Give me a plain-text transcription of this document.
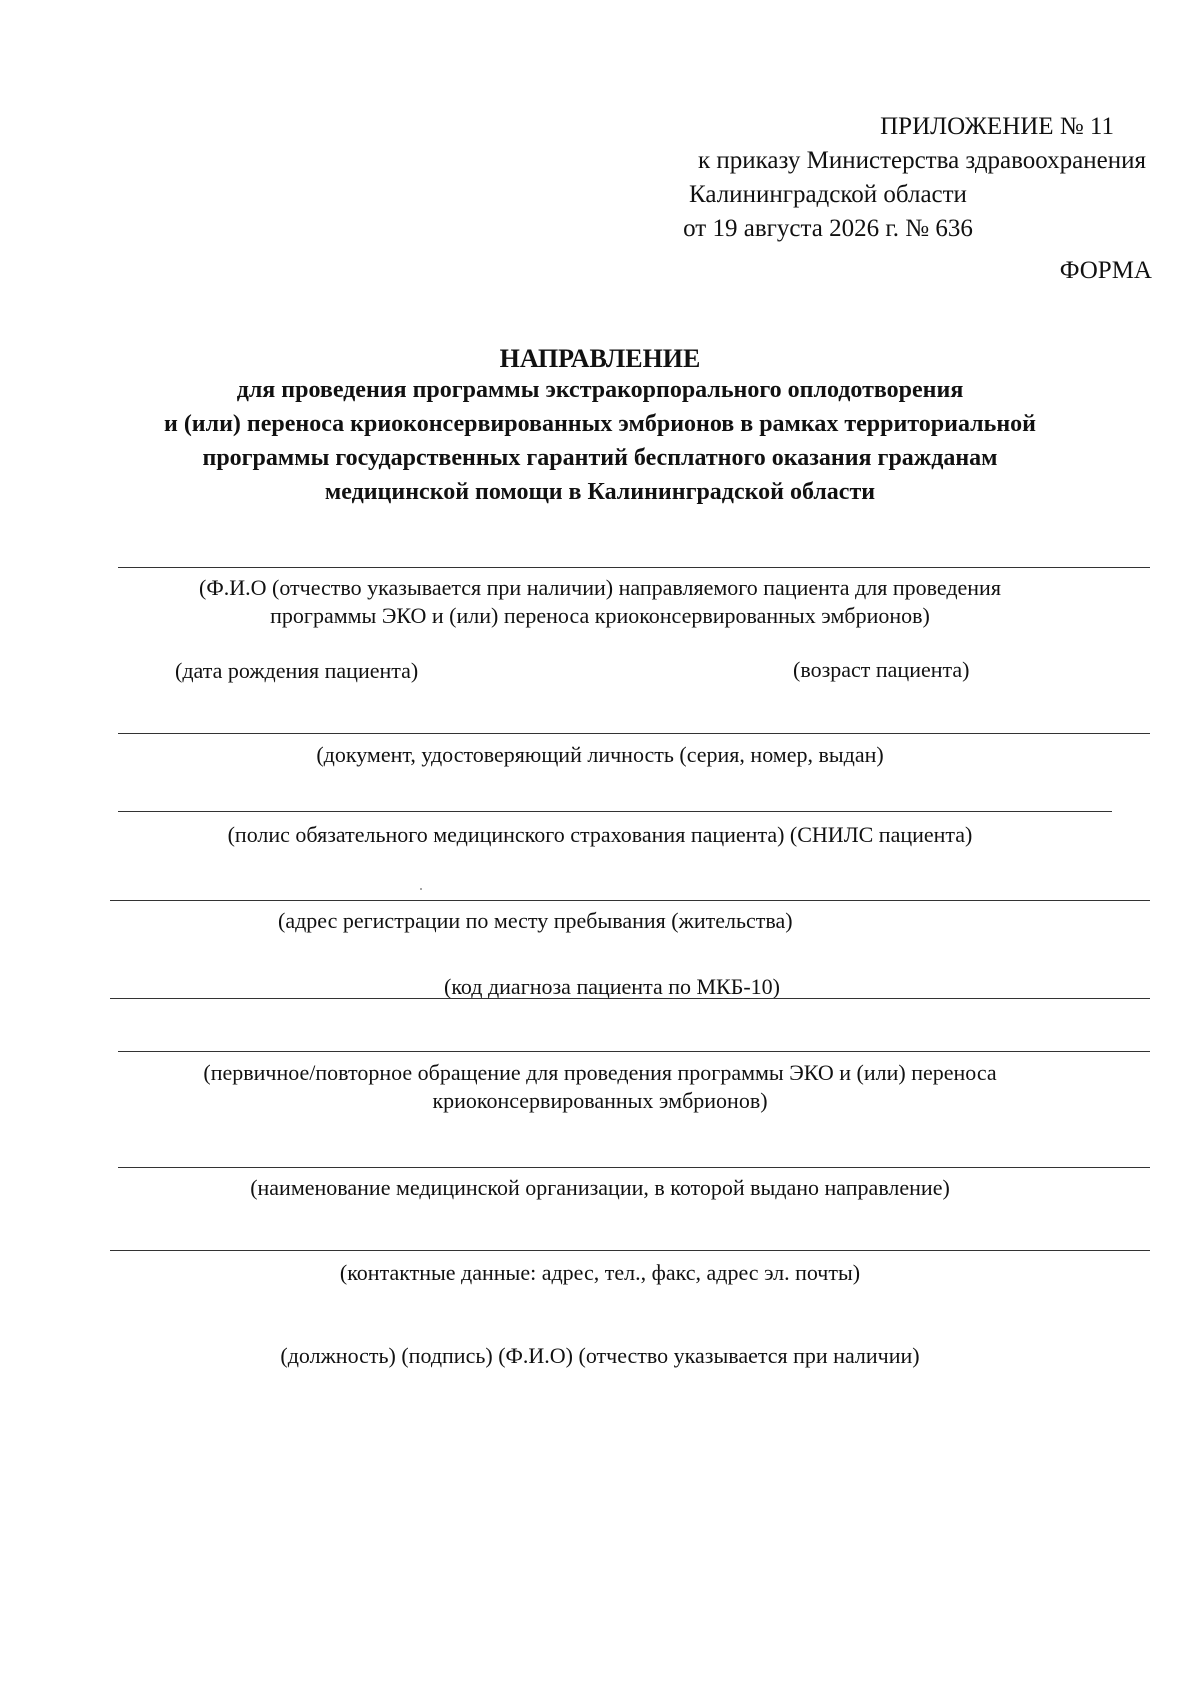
ПРИЛОЖЕНИЕ № 11
к приказу Министерства здравоохранения
Калининградской области
от 19 августа 2026 г. № 636
ФОРМА
НАПРАВЛЕНИЕ
для проведения программы экстракорпорального оплодотворения
и (или) переноса криоконсервированных эмбрионов в рамках территориальной
программы государственных гарантий бесплатного оказания гражданам
медицинской помощи в Калининградской области
(Ф.И.О (отчество указывается при наличии) направляемого пациента для проведения
программы ЭКО и (или) переноса криоконсервированных эмбрионов)
(дата рождения пациента)	(возраст пациента)
(документ, удостоверяющий личность (серия, номер, выдан)
(полис обязательного медицинского страхования пациента) (СНИЛС пациента)
(адрес регистрации по месту пребывания (жительства)
(код диагноза пациента по МКБ-10)
(первичное/повторное обращение для проведения программы ЭКО и (или) переноса
криоконсервированных эмбрионов)
(наименование медицинской организации, в которой выдано направление)
(контактные данные: адрес, тел., факс, адрес эл. почты)
(должность) (подпись) (Ф.И.О) (отчество указывается при наличии)
